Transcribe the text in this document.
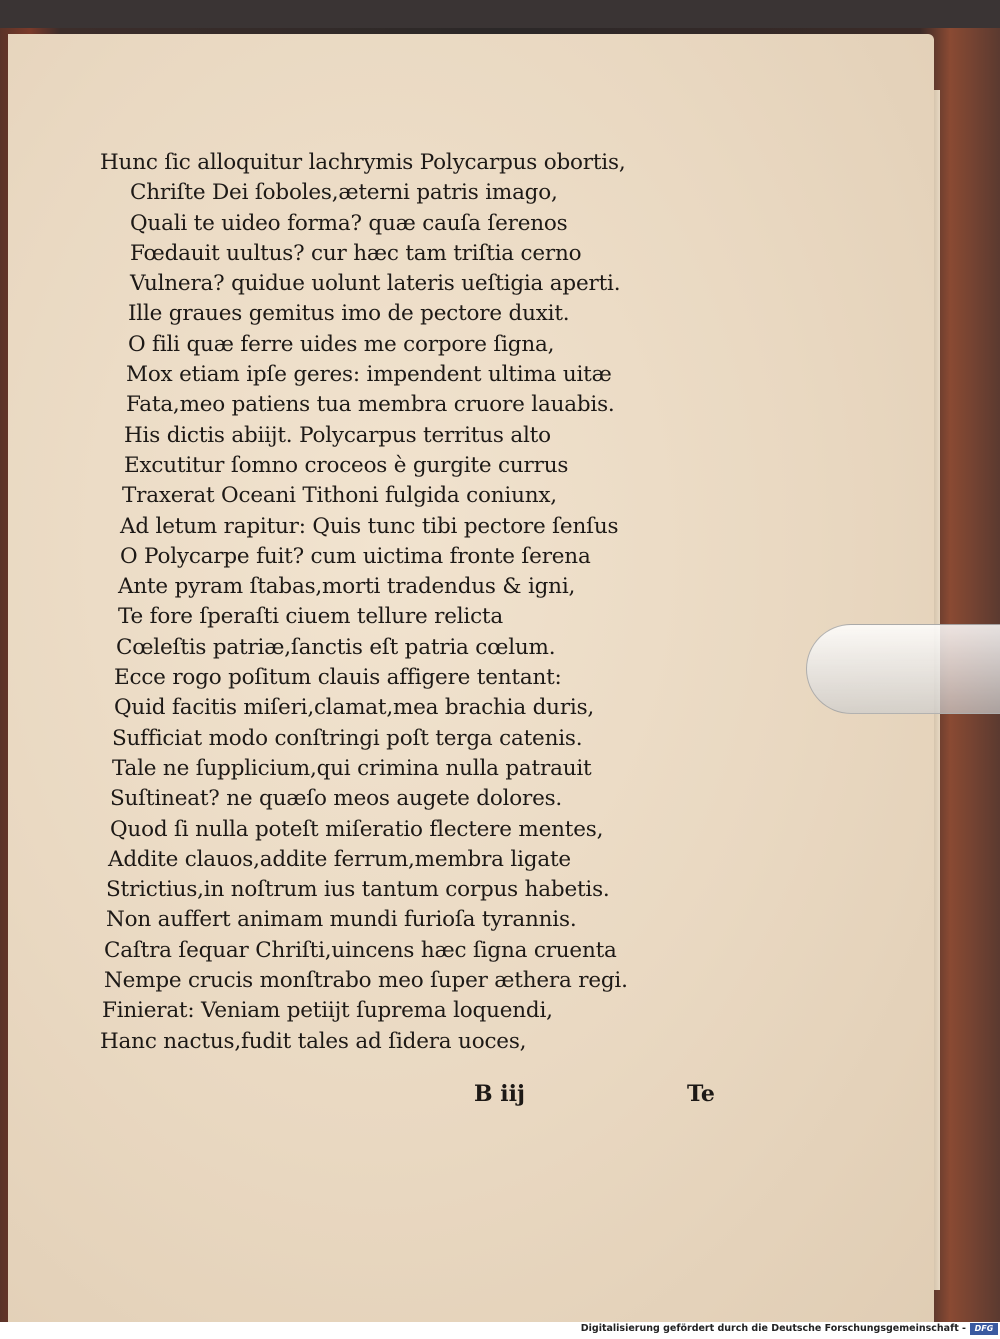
Hunc ſic alloquitur lachrymis Polycarpus obortis,
Chriſte Dei ſoboles,æterni patris imago,
Quali te uideo forma? quæ cauſa ſerenos
Fœdauit uultus? cur hæc tam triſtia cerno
Vulnera? quidue uolunt lateris ueſtigia aperti.
Ille graues gemitus imo de pectore duxit.
O fili quæ ferre uides me corpore ſigna,
Mox etiam ipſe geres: impendent ultima uitæ
Fata,meo patiens tua membra cruore lauabis.
His dictis abiijt. Polycarpus territus alto
Excutitur ſomno croceos è gurgite currus
Traxerat Oceani Tithoni fulgida coniunx,
Ad letum rapitur: Quis tunc tibi pectore ſenſus
O Polycarpe fuit? cum uictima fronte ſerena
Ante pyram ſtabas,morti tradendus & igni,
Te fore ſperaſti ciuem tellure relicta
Cœleſtis patriæ,ſanctis eſt patria cœlum.
Ecce rogo poſitum clauis affigere tentant:
Quid facitis miſeri,clamat,mea brachia duris,
Sufficiat modo conſtringi poſt terga catenis.
Tale ne ſupplicium,qui crimina nulla patrauit
Suſtineat? ne quæſo meos augete dolores.
Quod ſi nulla poteſt miſeratio flectere mentes,
Addite clauos,addite ferrum,membra ligate
Strictius,in noſtrum ius tantum corpus habetis.
Non auffert animam mundi furioſa tyrannis.
Caſtra ſequar Chriſti,uincens hæc ſigna cruenta
Nempe crucis monſtrabo meo ſuper æthera regi.
Finierat: Veniam petiijt ſuprema loquendi,
Hanc nactus,fudit tales ad ſidera uoces,
B iij	Te
Digitalisierung gefördert durch die Deutsche Forschungsgemeinschaft -	DFG
